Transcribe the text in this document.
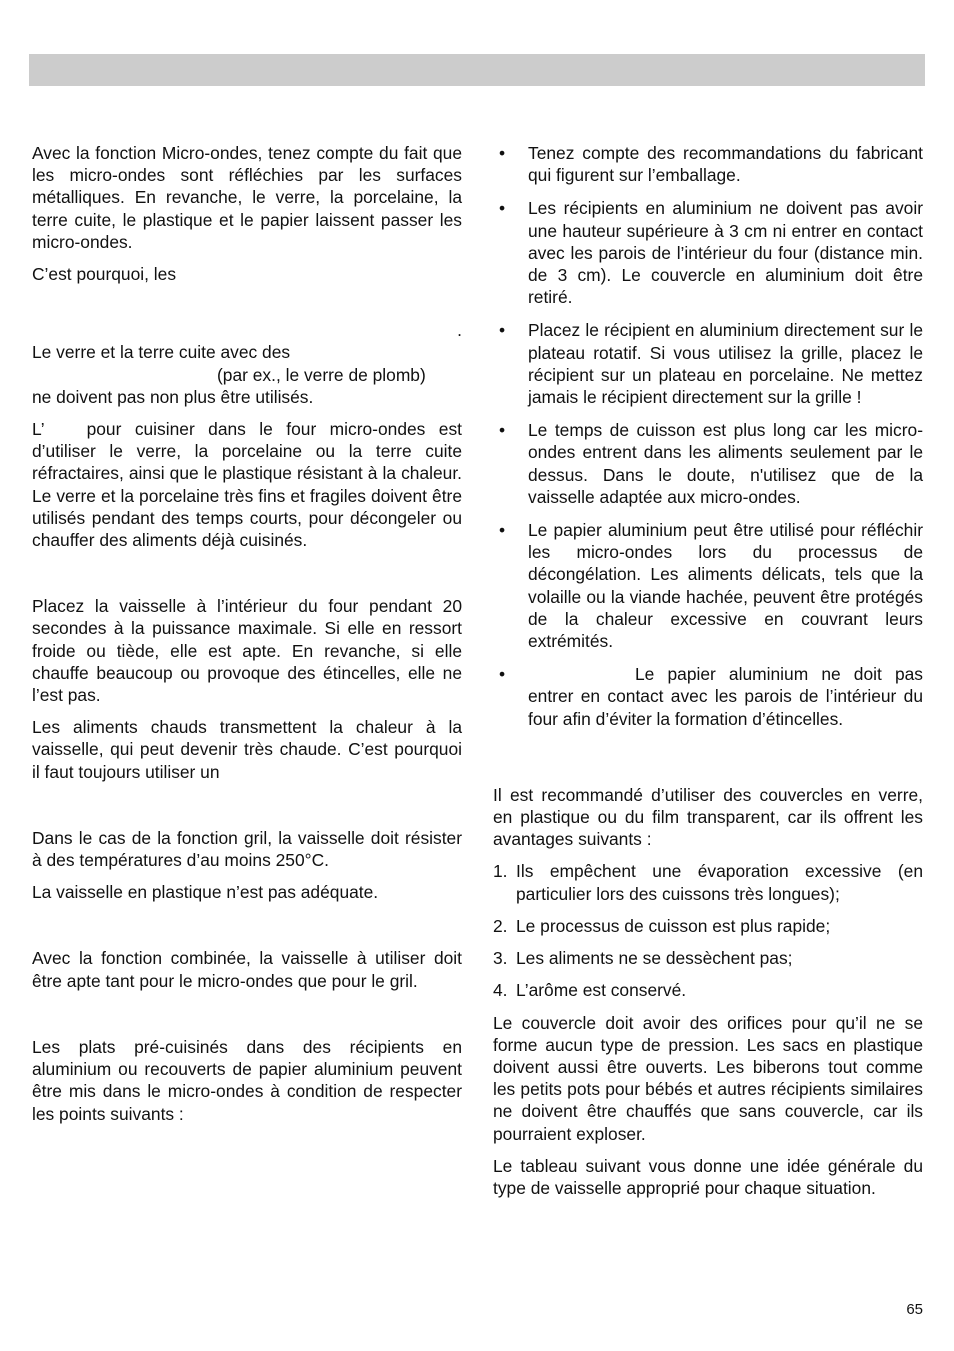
Avec la fonction Micro-ondes, tenez compte du fait que les micro-ondes sont réfléchies par les surfaces métalliques. En revanche, le verre, la porcelaine, la terre cuite, le plastique et le papier laissent passer les micro-ondes.

C’est pourquoi, les

.

Le verre et la terre cuite avec des

(par ex., le verre de plomb)

ne doivent pas non plus être utilisés.

L’ pour cuisiner dans le four micro-ondes est d’utiliser le verre, la porcelaine ou la terre cuite réfractaires, ainsi que le plastique résistant à la chaleur. Le verre et la porcelaine très fins et fragiles doivent être utilisés pendant des temps courts, pour décongeler ou chauffer des aliments déjà cuisinés.

Placez la vaisselle à l’intérieur du four pendant 20 secondes à la puissance maximale. Si elle en ressort froide ou tiède, elle est apte. En revanche, si elle chauffe beaucoup ou provoque des étincelles, elle ne l’est pas.

Les aliments chauds transmettent la chaleur à la vaisselle, qui peut devenir très chaude. C’est pourquoi il faut toujours utiliser un

Dans le cas de la fonction gril, la vaisselle doit résister à des températures d’au moins 250°C.

La vaisselle en plastique n’est pas adéquate.

Avec la fonction combinée, la vaisselle à utiliser doit être apte tant pour le micro-ondes que pour le gril.

Les plats pré-cuisinés dans des récipients en aluminium ou recouverts de papier aluminium peuvent être mis dans le micro-ondes à condition de respecter les points suivants :

• Tenez compte des recommandations du fabricant qui figurent sur l’emballage.
• Les récipients en aluminium ne doivent pas avoir une hauteur supérieure à 3 cm ni entrer en contact avec les parois de l’intérieur du four (distance min. de 3 cm). Le couvercle en aluminium doit être retiré.
• Placez le récipient en aluminium directement sur le plateau rotatif. Si vous utilisez la grille, placez le récipient sur un plateau en porcelaine. Ne mettez jamais le récipient directement sur la grille !
• Le temps de cuisson est plus long car les micro-ondes entrent dans les aliments seulement par le dessus. Dans le doute, n'utilisez que de la vaisselle adaptée aux micro-ondes.
• Le papier aluminium peut être utilisé pour réfléchir les micro-ondes lors du processus de décongélation. Les aliments délicats, tels que la volaille ou la viande hachée, peuvent être protégés de la chaleur excessive en couvrant leurs extrémités.
•	Le papier aluminium ne doit pas entrer en contact avec les parois de l’intérieur du four afin d’éviter la formation d’étincelles.

Il est recommandé d’utiliser des couvercles en verre, en plastique ou du film transparent, car ils offrent les avantages suivants :

1. Ils empêchent une évaporation excessive (en particulier lors des cuissons très longues);
2. Le processus de cuisson est plus rapide;
3. Les aliments ne se dessèchent pas;
4. L’arôme est conservé.

Le couvercle doit avoir des orifices pour qu’il ne se forme aucun type de pression. Les sacs en plastique doivent aussi être ouverts. Les biberons tout comme les petits pots pour bébés et autres récipients similaires ne doivent être chauffés que sans couvercle, car ils pourraient exploser.

Le tableau suivant vous donne une idée générale du type de vaisselle approprié pour chaque situation.

65
